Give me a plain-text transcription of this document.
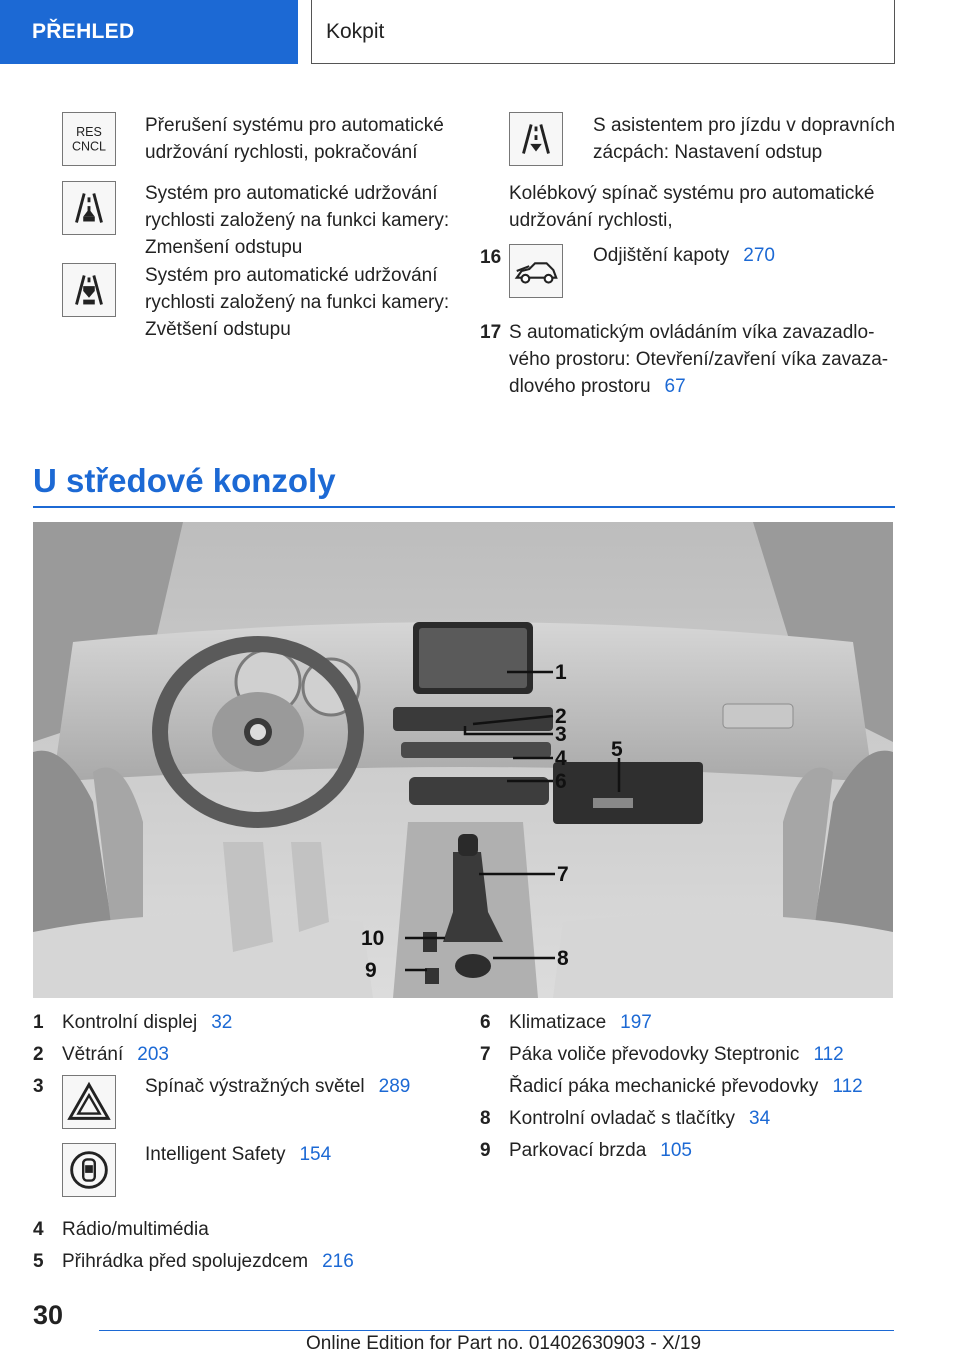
PŘEHLED	Kokpit
RES
CNCL
Přerušení systému pro automatické udržování rychlosti, pokračování
Systém pro automatické udržování rychlosti založený na funkci kamery: Zmenšení odstupu
Systém pro automatické udržování rychlosti založený na funkci kamery: Zvětšení odstupu
S asistentem pro jízdu v dopravních zácpách: Nastavení odstup
Kolébkový spínač systému pro automatické udržování rychlosti,
16	Odjištění kapoty 270
17 S automatickým ovládáním víka zavazadlového prostoru: Otevření/zavření víka zavazadlového prostoru 67
U středové konzoly
1
2
3
4 5
6
7
8
9
10
1 Kontrolní displej 32
2 Větrání 203
3	Spínač výstražných světel 289
Intelligent Safety 154
4 Rádio/multimédia
5 Přihrádka před spolujezdcem 216
6 Klimatizace 197
7 Páka voliče převodovky Steptronic 112
Řadicí páka mechanické převodovky 112
8 Kontrolní ovladač s tlačítky 34
9 Parkovací brzda 105
30
Online Edition for Part no. 01402630903 - X/19
